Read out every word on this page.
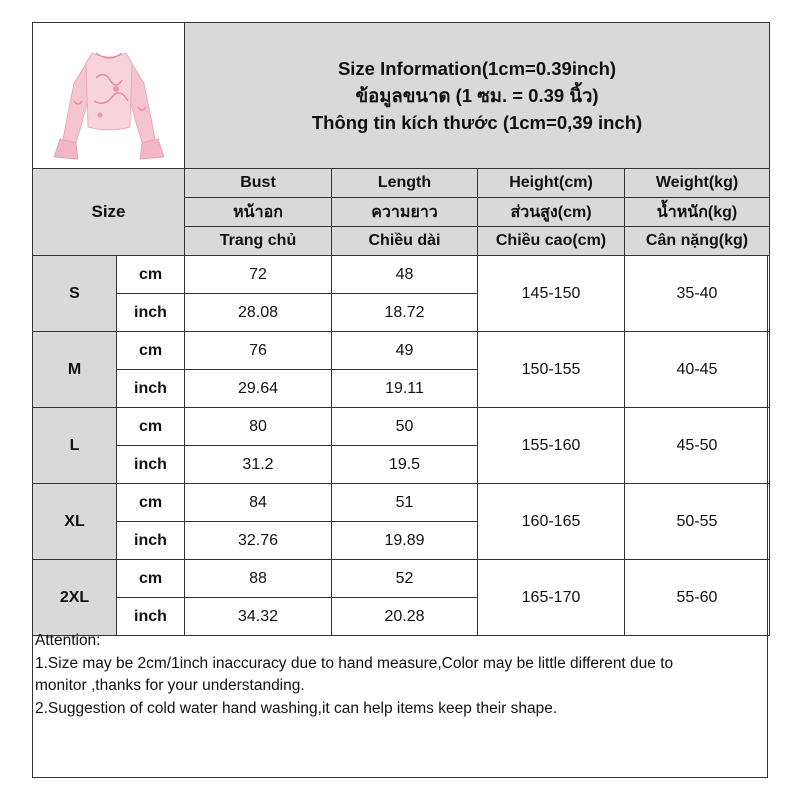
Size Information(1cm=0.39inch)
ข้อมูลขนาด (1 ซม. = 0.39 นิ้ว)
Thông tin kích thước (1cm=0,39 inch)			

Size		Bust	Length	Height(cm)	Weight(kg)
		หน้าอก	ความยาว	ส่วนสูง(cm)	น้ำหนัก(kg)
		Trang chủ	Chiều dài	Chiều cao(cm)	Cân nặng(kg)
S	cm	72	48	145-150	35-40
	inch	28.08	18.72		
M	cm	76	49	150-155	40-45
	inch	29.64	19.11		
L	cm	80	50	155-160	45-50
	inch	31.2	19.5		
XL	cm	84	51	160-165	50-55
	inch	32.76	19.89		
2XL	cm	88	52	165-170	55-60
	inch	34.32	20.28		
Attention:
1.Size may be 2cm/1inch inaccuracy due to hand measure,Color may be little different due to
monitor ,thanks for your understanding.
2.Suggestion of cold water hand washing,it can help items keep their shape.
